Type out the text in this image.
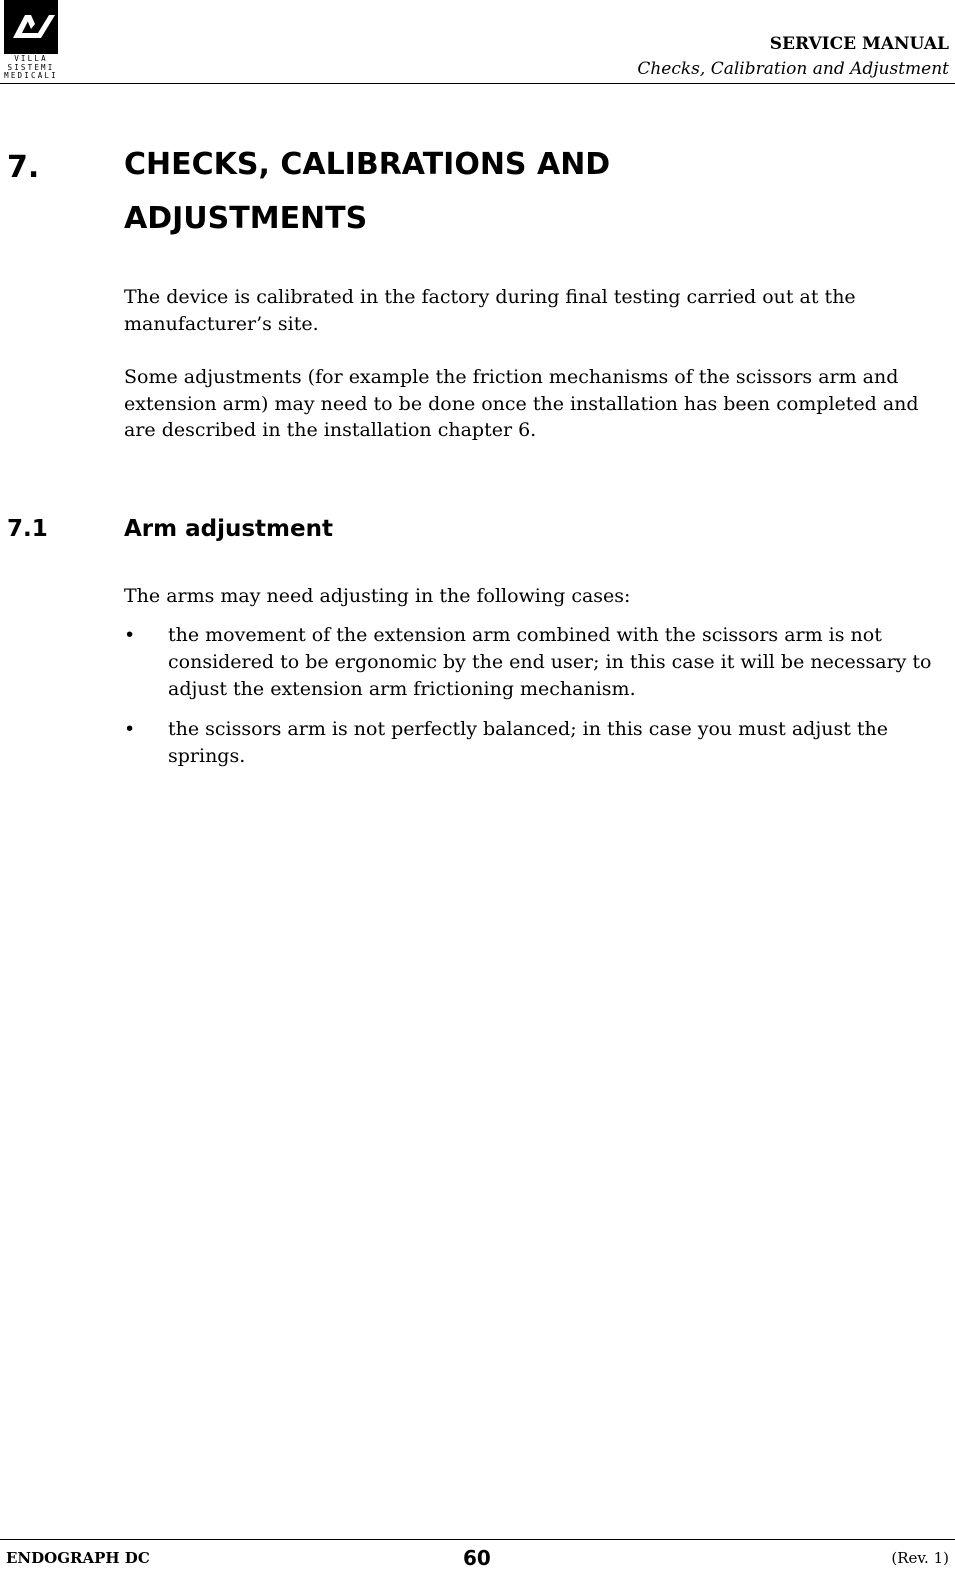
VILLA
SISTEMI
MEDICALI
SERVICE MANUAL
Checks, Calibration and Adjustment
7.	CHECKS, CALIBRATIONS AND ADJUSTMENTS

The device is calibrated in the factory during final testing carried out at the manufacturer’s site.

Some adjustments (for example the friction mechanisms of the scissors arm and extension arm) may need to be done once the installation has been completed and are described in the installation chapter 6.

7.1	Arm adjustment

The arms may need adjusting in the following cases:

• the movement of the extension arm combined with the scissors arm is not considered to be ergonomic by the end user; in this case it will be necessary to adjust the extension arm frictioning mechanism.
• the scissors arm is not perfectly balanced; in this case you must adjust the springs.
ENDOGRAPH DC	60	(Rev. 1)
